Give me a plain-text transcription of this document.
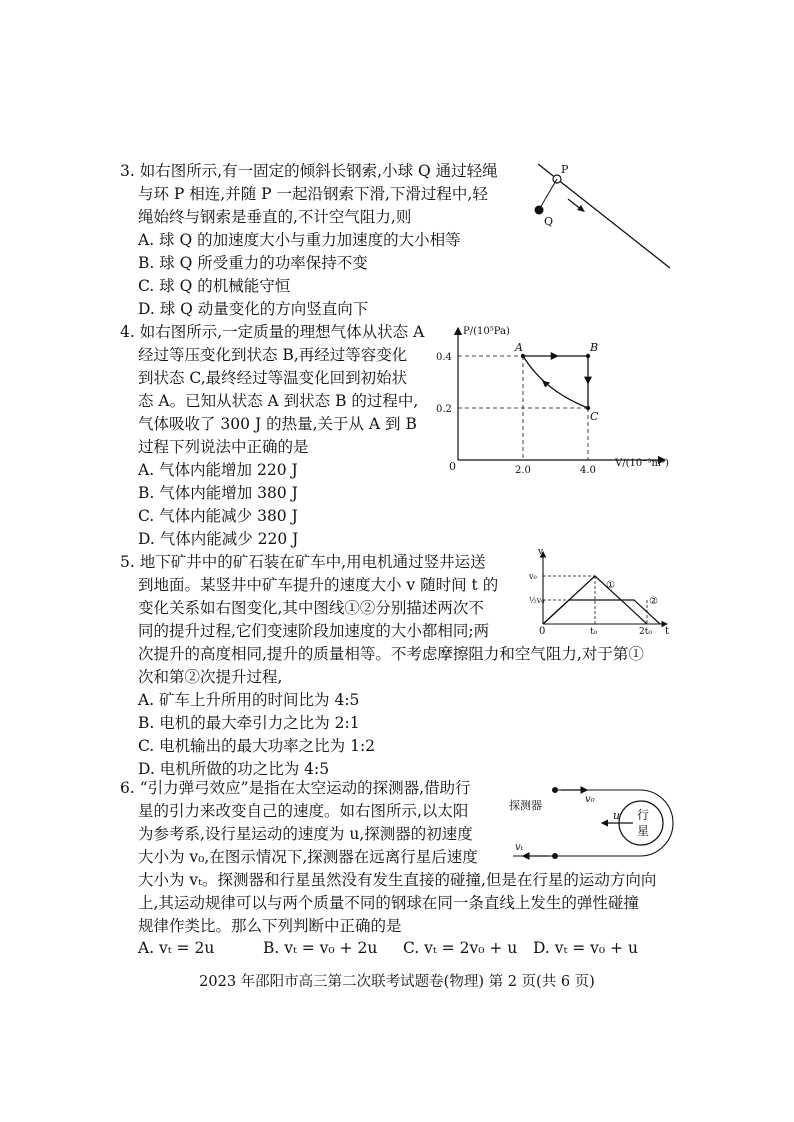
3. 如右图所示,有一固定的倾斜长钢索,小球 Q 通过轻绳
与环 P 相连,并随 P 一起沿钢索下滑,下滑过程中,轻
绳始终与钢索是垂直的,不计空气阻力,则
A. 球 Q 的加速度大小与重力加速度的大小相等
B. 球 Q 所受重力的功率保持不变
C. 球 Q 的机械能守恒
D. 球 Q 动量变化的方向竖直向下
P
Q
4. 如右图所示,一定质量的理想气体从状态 A
经过等压变化到状态 B,再经过等容变化
到状态 C,最终经过等温变化回到初始状
态 A。已知从状态 A 到状态 B 的过程中,
气体吸收了 300 J 的热量,关于从 A 到 B
过程下列说法中正确的是
A. 气体内能增加 220 J
B. 气体内能增加 380 J
C. 气体内能减少 380 J
D. 气体内能减少 220 J
P/(10⁵Pa)
V/(10⁻³m³)
0
A	B
C
0.4
0.2
2.0	4.0
5. 地下矿井中的矿石装在矿车中,用电机通过竖井运送
到地面。某竖井中矿车提升的速度大小 v 随时间 t 的
变化关系如右图变化,其中图线①②分别描述两次不
同的提升过程,它们变速阶段加速度的大小都相同;两
次提升的高度相同,提升的质量相等。不考虑摩擦阻力和空气阻力,对于第①
次和第②次提升过程,
A. 矿车上升所用的时间比为 4:5
B. 电机的最大牵引力之比为 2:1
C. 电机输出的最大功率之比为 1:2
D. 电机所做的功之比为 4:5
v
t
0
v₀
½v₀
①
②
t₀	2t₀
6. “引力弹弓效应”是指在太空运动的探测器,借助行
星的引力来改变自己的速度。如右图所示,以太阳
为参考系,设行星运动的速度为 u,探测器的初速度
大小为 v₀,在图示情况下,探测器在远离行星后速度
大小为 vₜ。探测器和行星虽然没有发生直接的碰撞,但是在行星的运动方向向
上,其运动规律可以与两个质量不同的钢球在同一条直线上发生的弹性碰撞
规律作类比。那么下列判断中正确的是
A. vₜ = 2u	B. vₜ = v₀ + 2u C. vₜ = 2v₀ + u D. vₜ = v₀ + u
v₀
vₜ
探测器
行
星
u
2023 年邵阳市高三第二次联考试题卷(物理) 第 2 页(共 6 页)
